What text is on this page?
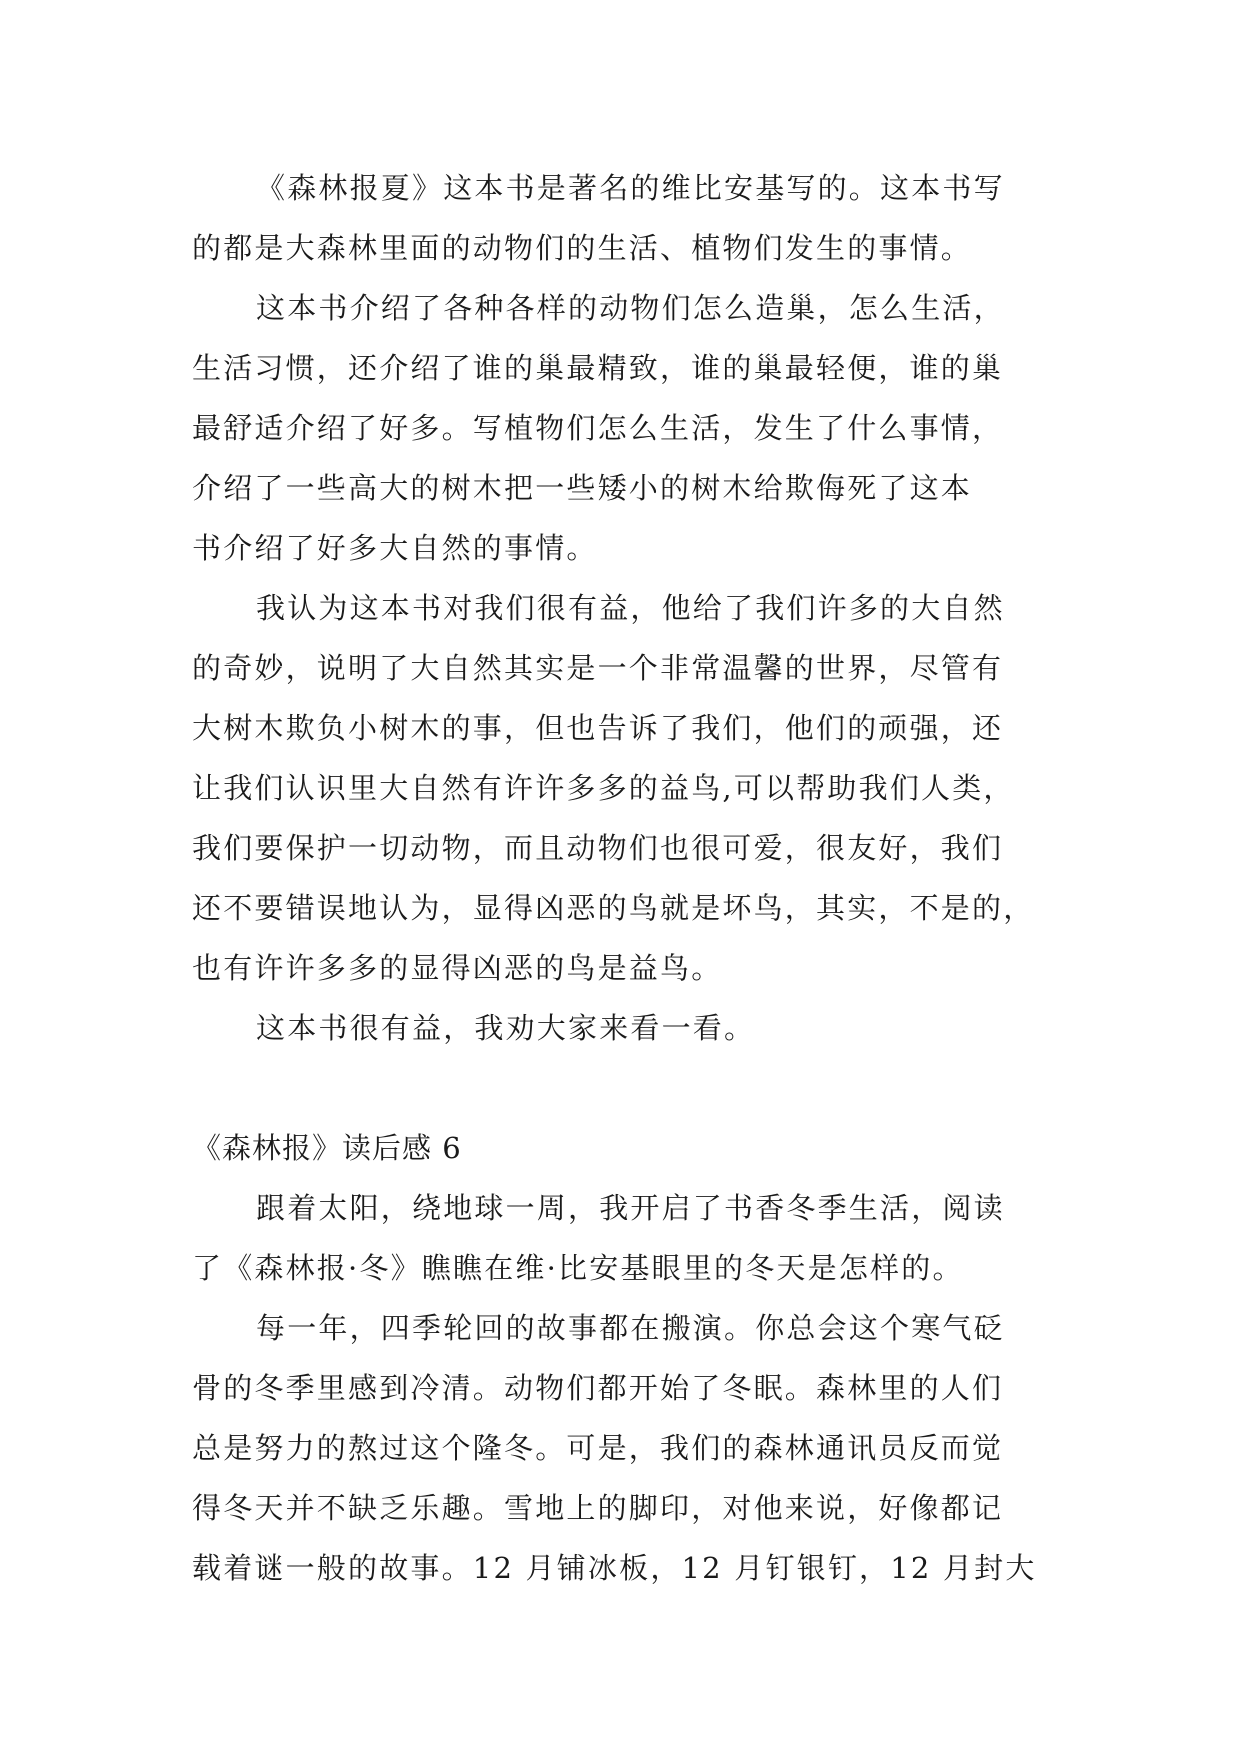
《森林报夏》这本书是著名的维比安基写的。这本书写
的都是大森林里面的动物们的生活、植物们发生的事情。
这本书介绍了各种各样的动物们怎么造巢，怎么生活，
生活习惯，还介绍了谁的巢最精致，谁的巢最轻便，谁的巢
最舒适介绍了好多。写植物们怎么生活，发生了什么事情，
介绍了一些高大的树木把一些矮小的树木给欺侮死了这本
书介绍了好多大自然的事情。
我认为这本书对我们很有益，他给了我们许多的大自然
的奇妙，说明了大自然其实是一个非常温馨的世界，尽管有
大树木欺负小树木的事，但也告诉了我们，他们的顽强，还
让我们认识里大自然有许许多多的益鸟,可以帮助我们人类，
我们要保护一切动物，而且动物们也很可爱，很友好，我们
还不要错误地认为，显得凶恶的鸟就是坏鸟，其实，不是的，
也有许许多多的显得凶恶的鸟是益鸟。
这本书很有益，我劝大家来看一看。
《森林报》读后感 6
跟着太阳，绕地球一周，我开启了书香冬季生活，阅读
了《森林报·冬》瞧瞧在维·比安基眼里的冬天是怎样的。
每一年，四季轮回的故事都在搬演。你总会这个寒气砭
骨的冬季里感到冷清。动物们都开始了冬眠。森林里的人们
总是努力的熬过这个隆冬。可是，我们的森林通讯员反而觉
得冬天并不缺乏乐趣。雪地上的脚印，对他来说，好像都记
载着谜一般的故事。12 月铺冰板，12 月钉银钉，12 月封大
